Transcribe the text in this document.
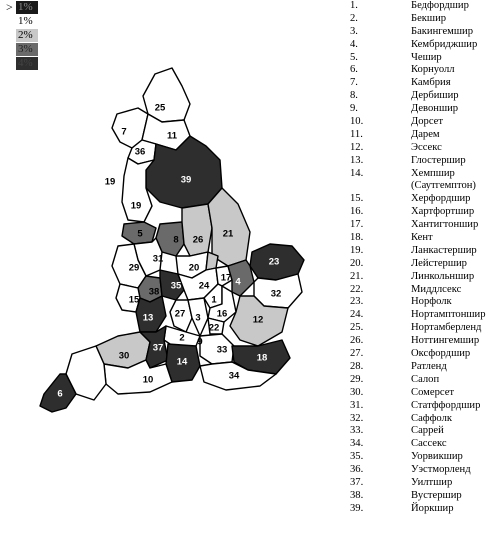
> 1%
1%
2%
3%
4%
25
7	11
36
39
19
19
5
8 26
21
31
29	20
23
38
35 24	4
17
32
15
3 16
13
1
27
22
12
2 9
30
37
14
33
18
6
10	34
1.	Бедфордшир
2.	Бекшир
3.	Бакингемшир
4.	Кембриджшир
5.	Чешир
6.	Корнуолл
7.	Камбрия
8.	Дербишир
9.	Девоншир
10.	Дорсет
11.	Дарем
12.	Эссекс
13.	Глостершир
14.	Хемпшир
(Саутгемптон)
15.	Херфордшир
16.	Хартфортшир
17.	Хантигтоншир
18.	Кент
19.	Ланкастершир
20.	Лейстершир
21.	Линкольншир
22.	Миддлсекс
23.	Норфолк
24.	Нортамптоншир
25.	Нортамберленд
26.	Ноттингемшир
27.	Оксфордшир
28.	Ратленд
29.	Салоп
30.	Сомерсет
31.	Статффордшир
32.	Саффолк
33.	Саррей
34.	Сассекс
35.	Уорвикшир
36.	Уэстморленд
37.	Уилтшир
38.	Вустершир
39.	Йоркшир
